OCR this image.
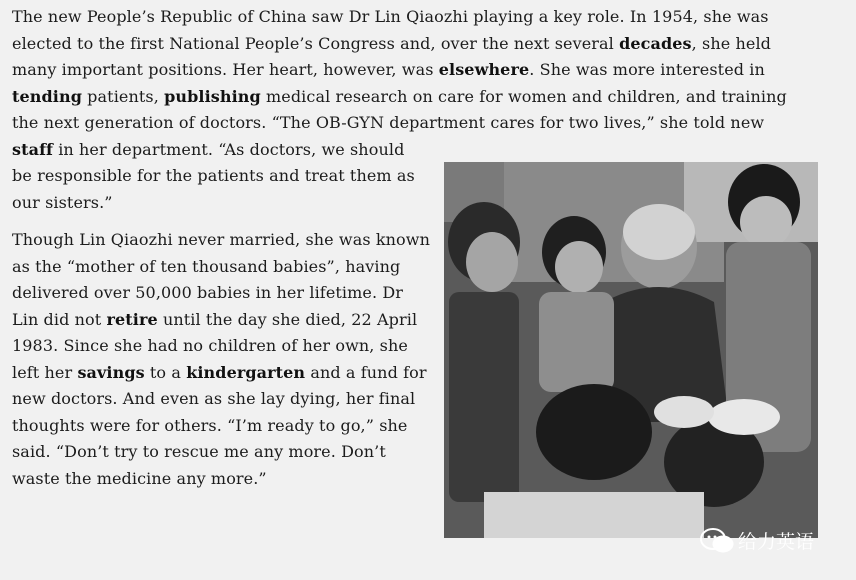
The new People’s Republic of China saw Dr Lin Qiaozhi playing a key role. In 1954, she was
elected to the first National People’s Congress and, over the next several decades, she held
many important positions. Her heart, however, was elsewhere. She was more interested in
tending patients, publishing medical research on care for women and children, and training
the next generation of doctors. “The OB-GYN department cares for two lives,” she told new
staff in her department. “As doctors, we should
be responsible for the patients and treat them as
our sisters.”
Though Lin Qiaozhi never married, she was known
as the “mother of ten thousand babies”, having
delivered over 50,000 babies in her lifetime. Dr
Lin did not retire until the day she died, 22 April
1983. Since she had no children of her own, she
left her savings to a kindergarten and a fund for
new doctors. And even as she lay dying, her final
thoughts were for others. “I’m ready to go,” she
said. “Don’t try to rescue me any more. Don’t
waste the medicine any more.”
给力英语
